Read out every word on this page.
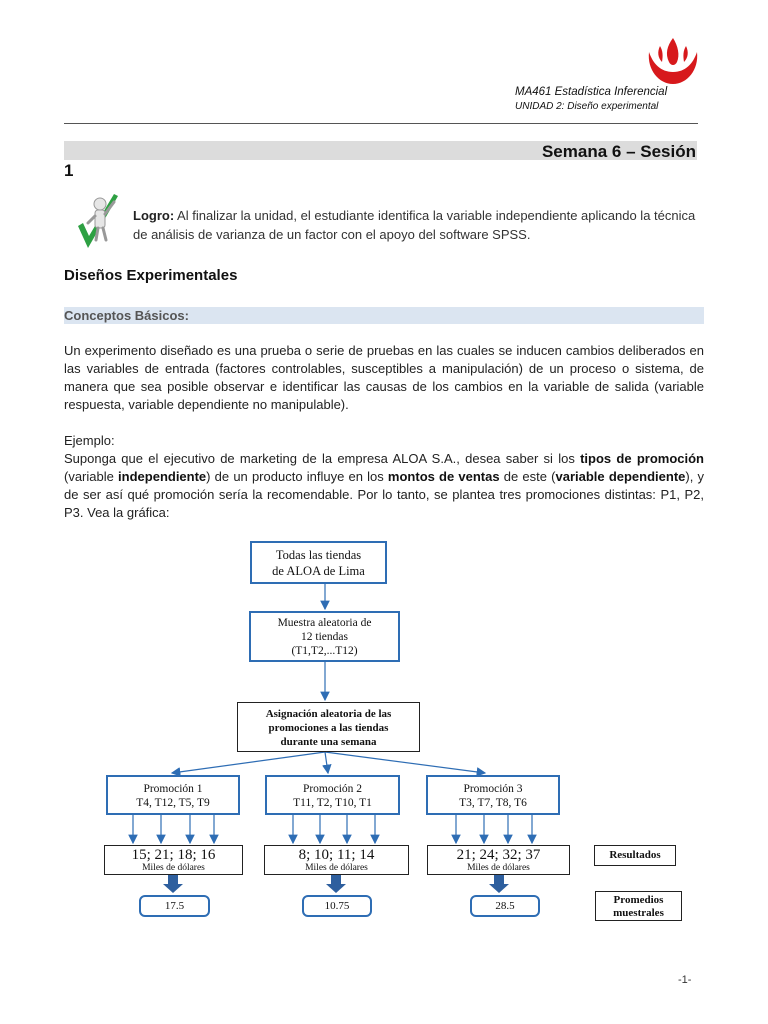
MA461 Estadística Inferencial
UNIDAD 2: Diseño experimental
Semana 6 – Sesión
1
Logro: Al finalizar la unidad, el estudiante identifica la variable independiente aplicando la técnica de análisis de varianza de un factor con el apoyo del software SPSS.
Diseños Experimentales
Conceptos Básicos:
Un experimento diseñado es una prueba o serie de pruebas en las cuales se inducen cambios deliberados en las variables de entrada (factores controlables, susceptibles a manipulación) de un proceso o sistema, de manera que sea posible observar e identificar las causas de los cambios en la variable de salida (variable respuesta, variable dependiente no manipulable).
Ejemplo:
Suponga que el ejecutivo de marketing de la empresa ALOA S.A., desea saber si los tipos de promoción (variable independiente) de un producto influye en los montos de ventas de este (variable dependiente), y de ser así qué promoción sería la recomendable. Por lo tanto, se plantea tres promociones distintas: P1, P2, P3. Vea la gráfica:
Todas las tiendas
de ALOA de Lima
Muestra aleatoria de
12 tiendas
(T1,T2,...T12)
Asignación aleatoria de las
promociones a las tiendas
durante una semana
Promoción 1
T4, T12, T5, T9
Promoción 2
T11, T2, T10, T1
Promoción 3
T3, T7, T8, T6
15; 21; 18; 16
Miles de dólares
8; 10; 11; 14
Miles de dólares
21; 24; 32; 37
Miles de dólares
Resultados
17.5	10.75	28.5	Promedios
muestrales
-1-
